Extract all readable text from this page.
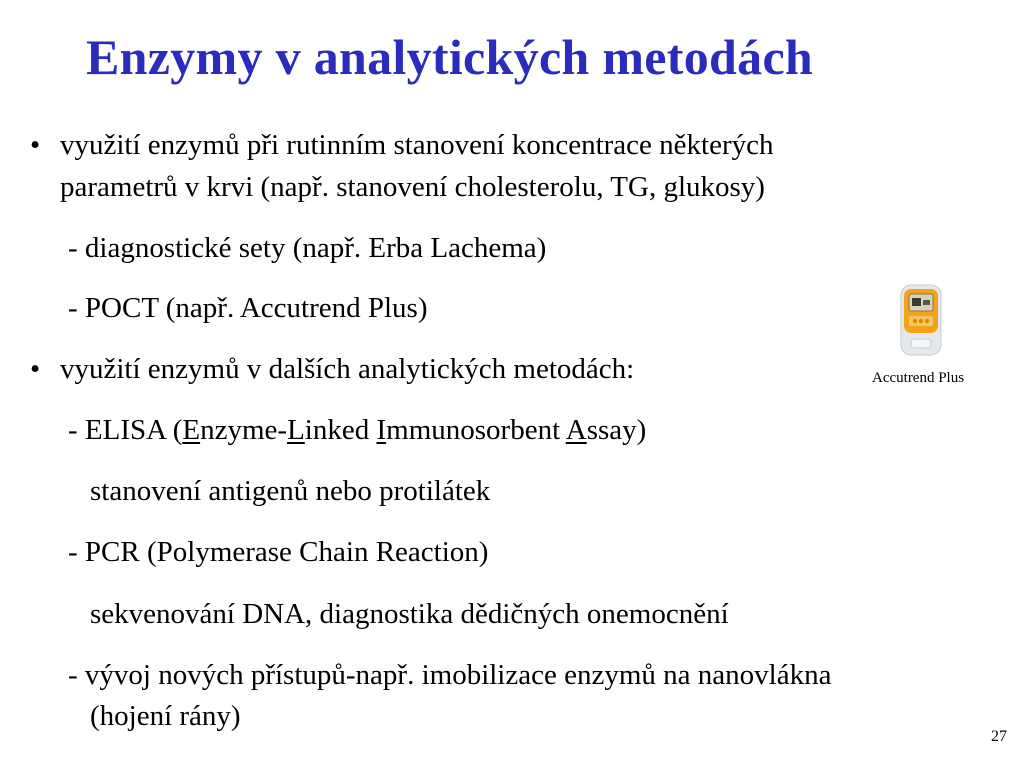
Enzymy v analytických metodách
• využití enzymů při rutinním stanovení koncentrace některých
parametrů v krvi (např. stanovení cholesterolu, TG, glukosy)
- diagnostické sety (např. Erba Lachema)
- POCT (např. Accutrend Plus)
• využití enzymů v dalších analytických metodách:
- ELISA (Enzyme-Linked Immunosorbent Assay)
stanovení antigenů nebo protilátek
- PCR (Polymerase Chain Reaction)
sekvenování DNA, diagnostika dědičných onemocnění
- vývoj nových přístupů-např. imobilizace enzymů na nanovlákna
(hojení rány)
Accutrend Plus
27
